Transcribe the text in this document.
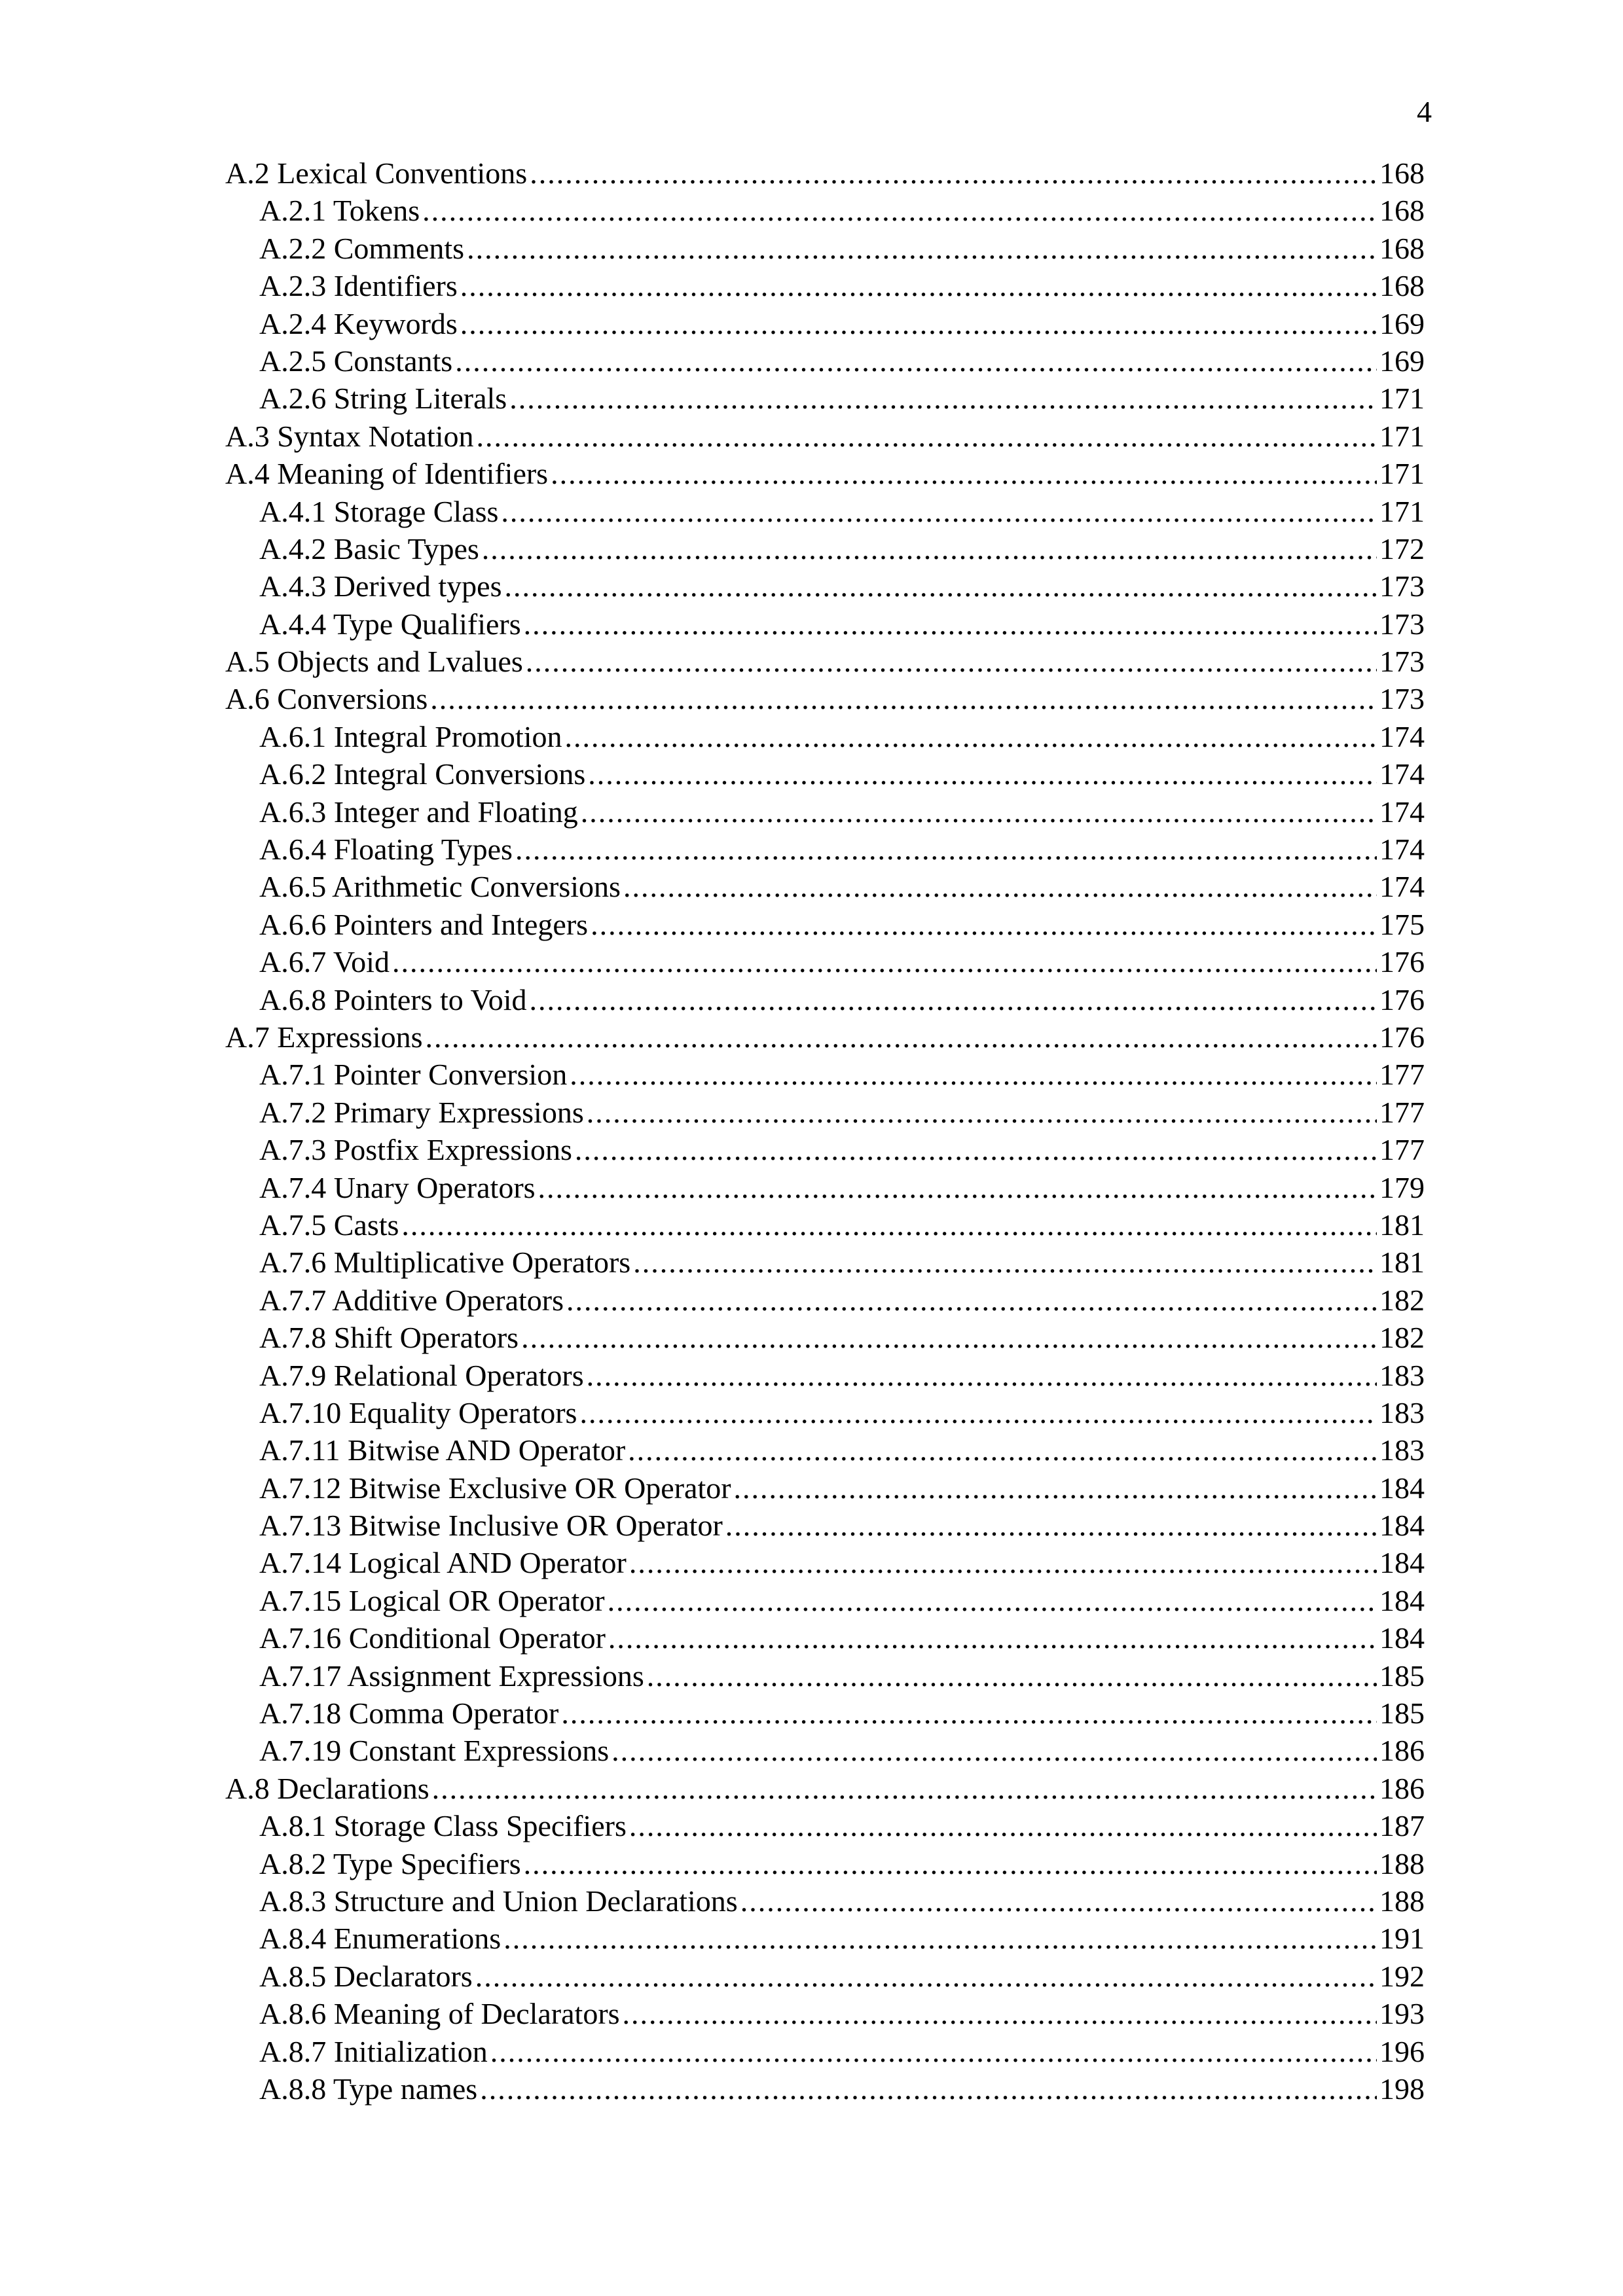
4
A.2 Lexical Conventions .....	168
A.2.1 Tokens .....	168
A.2.2 Comments .....	168
A.2.3 Identifiers .....	168
A.2.4 Keywords .....	169
A.2.5 Constants .....	169
A.2.6 String Literals .....	171
A.3 Syntax Notation .....	171
A.4 Meaning of Identifiers .....	171
A.4.1 Storage Class .....	171
A.4.2 Basic Types .....	172
A.4.3 Derived types .....	173
A.4.4 Type Qualifiers .....	173
A.5 Objects and Lvalues .....	173
A.6 Conversions .....	173
A.6.1 Integral Promotion .....	174
A.6.2 Integral Conversions .....	174
A.6.3 Integer and Floating .....	174
A.6.4 Floating Types .....	174
A.6.5 Arithmetic Conversions .....	174
A.6.6 Pointers and Integers .....	175
A.6.7 Void .....	176
A.6.8 Pointers to Void .....	176
A.7 Expressions .....	176
A.7.1 Pointer Conversion .....	177
A.7.2 Primary Expressions .....	177
A.7.3 Postfix Expressions .....	177
A.7.4 Unary Operators .....	179
A.7.5 Casts .....	181
A.7.6 Multiplicative Operators .....	181
A.7.7 Additive Operators .....	182
A.7.8 Shift Operators .....	182
A.7.9 Relational Operators .....	183
A.7.10 Equality Operators .....	183
A.7.11 Bitwise AND Operator .....	183
A.7.12 Bitwise Exclusive OR Operator .....	184
A.7.13 Bitwise Inclusive OR Operator .....	184
A.7.14 Logical AND Operator .....	184
A.7.15 Logical OR Operator .....	184
A.7.16 Conditional Operator .....	184
A.7.17 Assignment Expressions .....	185
A.7.18 Comma Operator .....	185
A.7.19 Constant Expressions .....	186
A.8 Declarations .....	186
A.8.1 Storage Class Specifiers .....	187
A.8.2 Type Specifiers .....	188
A.8.3 Structure and Union Declarations .....	188
A.8.4 Enumerations .....	191
A.8.5 Declarators .....	192
A.8.6 Meaning of Declarators .....	193
A.8.7 Initialization .....	196
A.8.8 Type names .....	198
